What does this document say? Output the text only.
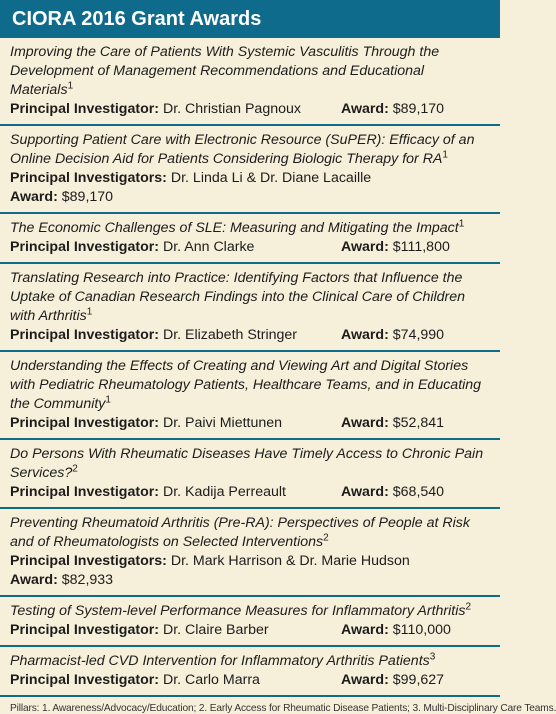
CIORA 2016 Grant Awards
Improving the Care of Patients With Systemic Vasculitis Through the Development of Management Recommendations and Educational Materials$^1$
Principal Investigator: Dr. Christian Pagnoux	Award: $89,170
Supporting Patient Care with Electronic Resource (SuPER): Efficacy of an Online Decision Aid for Patients Considering Biologic Therapy for $RA^1$
Principal Investigators: Dr. Linda Li & Dr. Diane Lacaille
Award: $89,170
The Economic Challenges of SLE: Measuring and Mitigating the Impact$^1$
Principal Investigator: Dr. Ann Clarke	Award: $111,800
Translating Research into Practice: Identifying Factors that Influence the Uptake of Canadian Research Findings into the Clinical Care of Children with Arthritis$^1$
Principal Investigator: Dr. Elizabeth Stringer	Award: $74,990
Understanding the Effects of Creating and Viewing Art and Digital Stories with Pediatric Rheumatology Patients, Healthcare Teams, and in Educating the Community$^1$
Principal Investigator: Dr. Paivi Miettunen	Award: $52,841
Do Persons With Rheumatic Diseases Have Timely Access to Chronic Pain Services?$^2$
Principal Investigator: Dr. Kadija Perreault	Award: $68,540
Preventing Rheumatoid Arthritis (Pre-RA): Perspectives of People at Risk and of Rheumatologists on Selected Interventions$^2$
Principal Investigators: Dr. Mark Harrison & Dr. Marie Hudson
Award: $82,933
Testing of System-level Performance Measures for Inflammatory Arthritis$^2$
Principal Investigator: Dr. Claire Barber	Award: $110,000
Pharmacist-led CVD Intervention for Inflammatory Arthritis Patients$^3$
Principal Investigator: Dr. Carlo Marra	Award: $99,627
Pillars: 1. Awareness/Advocacy/Education; 2. Early Access for Rheumatic Disease Patients; 3. Multi-Disciplinary Care Teams.
